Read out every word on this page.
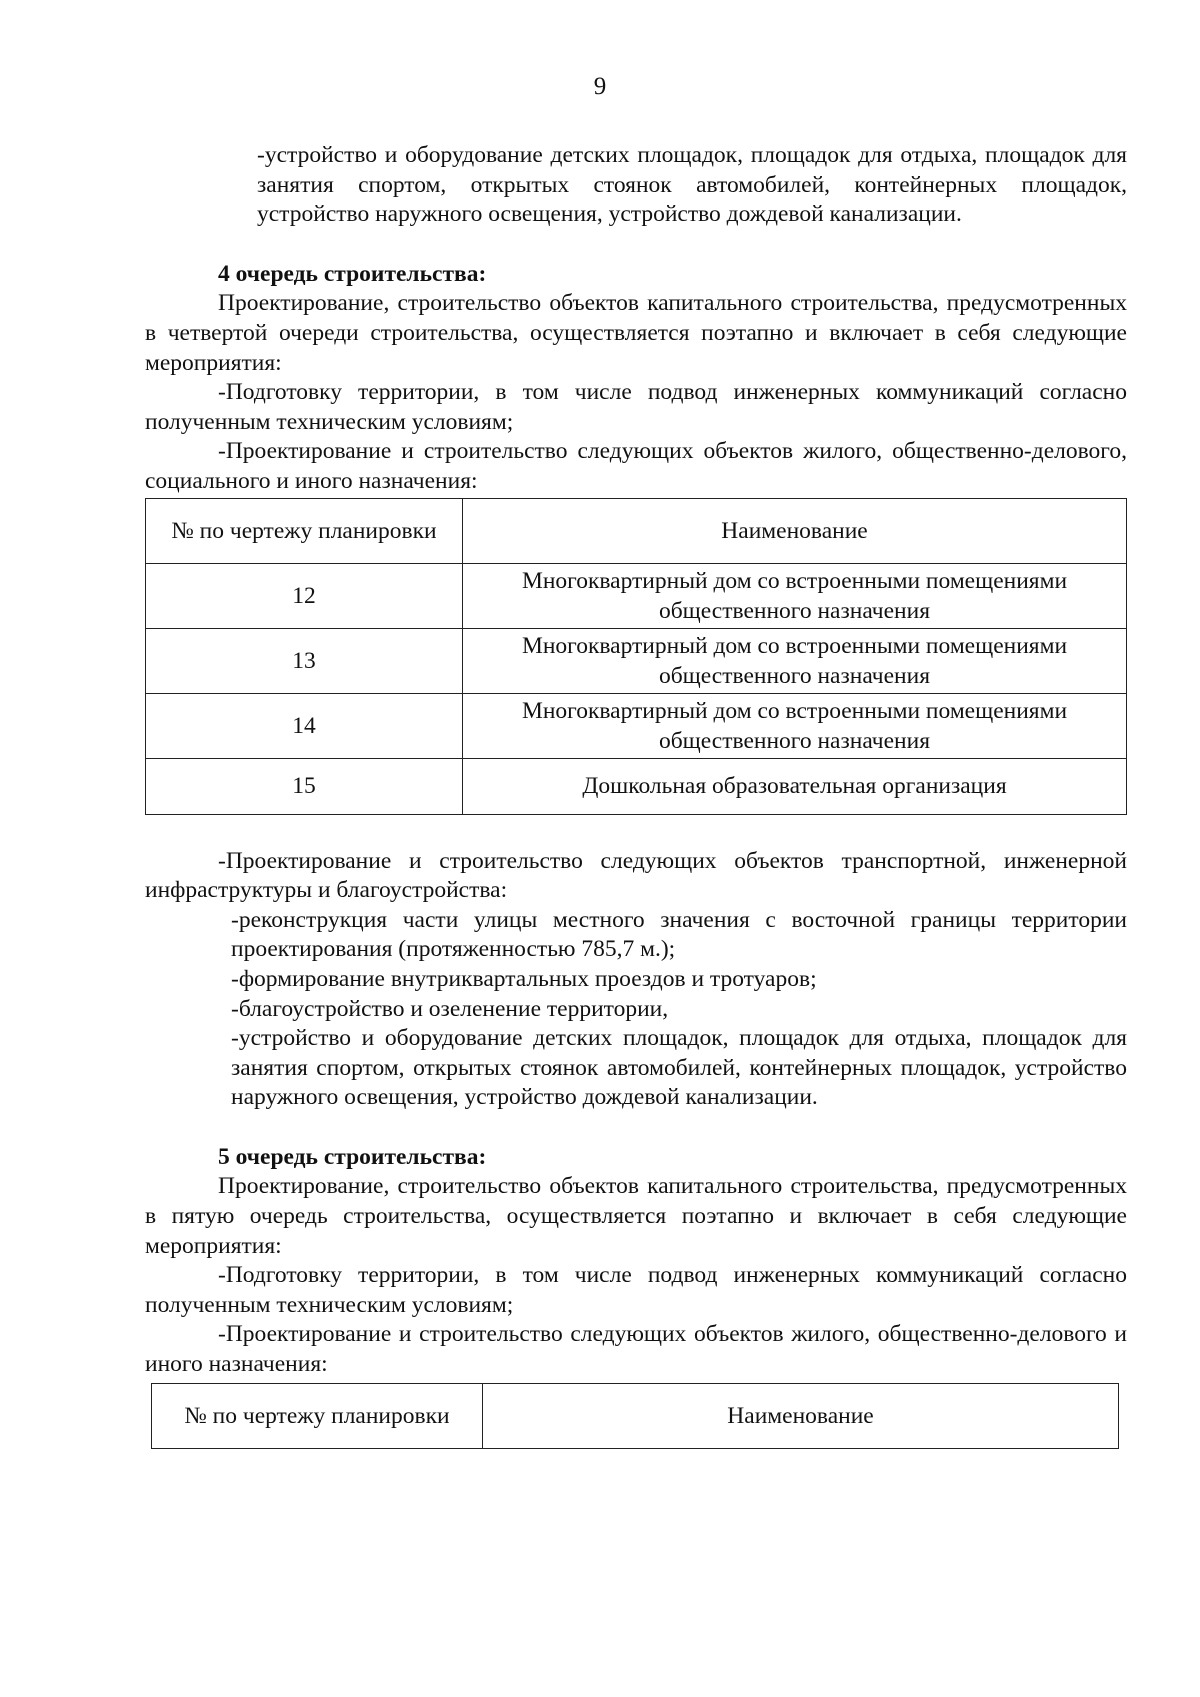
9

-устройство и оборудование детских площадок, площадок для отдыха, площадок для занятия спортом, открытых стоянок автомобилей, контейнерных площадок, устройство наружного освещения, устройство дождевой канализации.

4 очередь строительства:

Проектирование, строительство объектов капитального строительства, предусмотренных в четвертой очереди строительства, осуществляется поэтапно и включает в себя следующие мероприятия:

-Подготовку территории, в том числе подвод инженерных коммуникаций согласно полученным техническим условиям;

-Проектирование и строительство следующих объектов жилого, общественно-делового, социального и иного назначения:

№ по чертежу планировки	Наименование
12	Многоквартирный дом со встроенными помещениями общественного назначения
13	Многоквартирный дом со встроенными помещениями общественного назначения
14	Многоквартирный дом со встроенными помещениями общественного назначения
15	Дошкольная образовательная организация

-Проектирование и строительство следующих объектов транспортной, инженерной инфраструктуры и благоустройства:

-реконструкция части улицы местного значения с восточной границы территории проектирования (протяженностью 785,7 м.);

-формирование внутриквартальных проездов и тротуаров;

-благоустройство и озеленение территории,

-устройство и оборудование детских площадок, площадок для отдыха, площадок для занятия спортом, открытых стоянок автомобилей, контейнерных площадок, устройство наружного освещения, устройство дождевой канализации.

5 очередь строительства:

Проектирование, строительство объектов капитального строительства, предусмотренных в пятую очередь строительства, осуществляется поэтапно и включает в себя следующие мероприятия:

-Подготовку территории, в том числе подвод инженерных коммуникаций согласно полученным техническим условиям;

-Проектирование и строительство следующих объектов жилого, общественно-делового и иного назначения:

№ по чертежу планировки	Наименование
